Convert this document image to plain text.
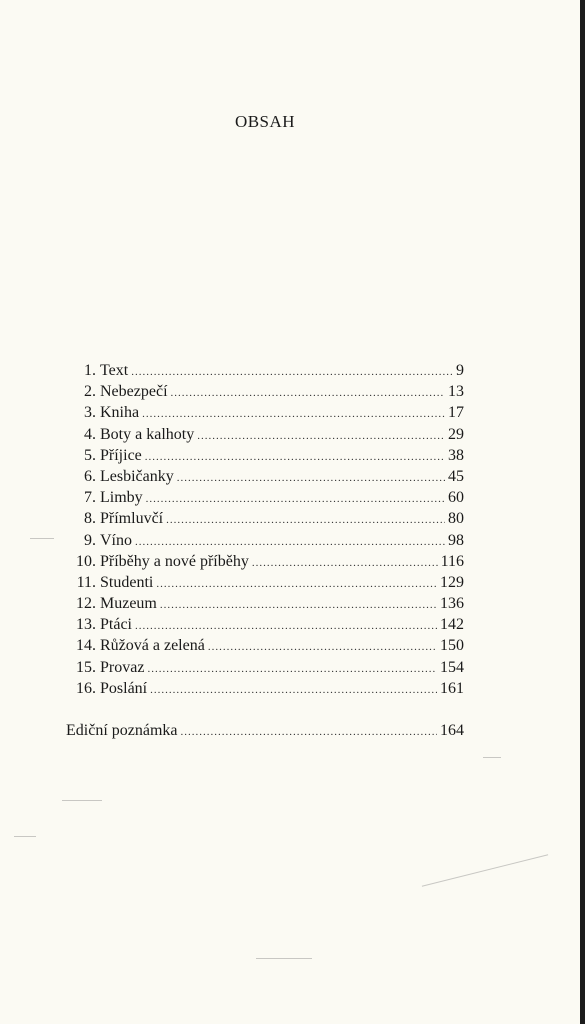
OBSAH
1.
Text .....	9
2.
Nebezpečí .....	13
3.
Kniha .....	17
4.
Boty a kalhoty .....	29
5.
Příjice .....	38
6.
Lesbičanky .....	45
7.
Limby .....	60
8.
Přímluvčí .....	80
9.
Víno .....	98
10.
Příběhy a nové příběhy .....	116
11.
Studenti .....	129
12.
Muzeum .....	136
13.
Ptáci .....	142
14.
Růžová a zelená .....	150
15.
Provaz .....	154
16.
Poslání .....	161
Ediční poznámka .....	164
